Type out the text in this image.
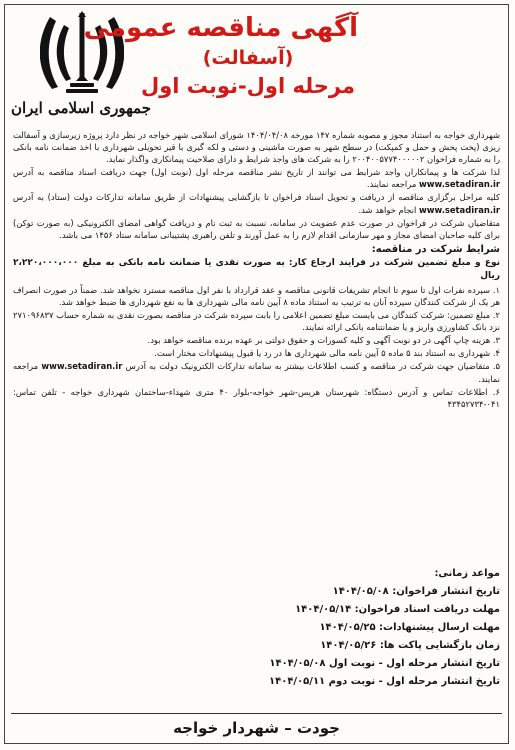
جمهوری اسلامی ایران
آگهی مناقصه عمومی
(آسفالت)
مرحله اول-نوبت اول

شهرداری خواجه به استناد مجوز و مصوبه شماره ۱۴۷ مورخه ۱۴۰۴/۰۴/۰۸ شورای اسلامی شهر خواجه در نظر دارد پروژه زیرسازی و آسفالت ریزی (پخت پخش و حمل و کمپکت) در سطح شهر به صورت ماشینی و دستی و لکه گیری با قیر تحویلی شهرداری با اخذ ضمانت نامه بانکی را به شماره فراخوان ۲۰۰۴۰۰۵۷۷۴۰۰۰۰۰۲ را به شرکت های واجد شرایط و دارای صلاحیت پیمانکاری واگذار نماید.

لذا شرکت ها و پیمانکاران واجد شرایط می توانند از تاریخ نشر مناقصه مرحله اول (نوبت اول) جهت دریافت اسناد مناقصه به آدرس www.setadiran.ir مراجعه نمایند.

کلیه مراحل برگزاری مناقصه از دریافت و تحویل اسناد فراخوان تا بازگشایی پیشنهادات از طریق سامانه تدارکات دولت (ستاد) به آدرس www.setadiran.ir انجام خواهد شد.

متقاضیان شرکت در فراخوان در صورت عدم عضویت در سامانه، نسبت به ثبت نام و دریافت گواهی امضای الکترونیکی (به صورت توکن) برای کلیه صاحبان امضای مجاز و مهر سازمانی اقدام لازم را به عمل آورند و تلفن راهبری پشتیبانی سامانه ستاد ۱۴۵۶ می باشد.

شرایط شرکت در مناقصه:

نوع و مبلغ تضمین شرکت در فرایند ارجاع کار: به صورت نقدی یا ضمانت نامه بانکی به مبلغ ۲،۲۲۰،۰۰۰،۰۰۰ ریال

۱. سپرده نفرات اول تا سوم تا انجام تشریفات قانونی مناقصه و عقد قرارداد با نفر اول مناقصه مسترد نخواهد شد. ضمناً در صورت انصراف هر یک از شرکت کنندگان سپرده آنان به ترتیب به استناد ماده ۸ آیین نامه مالی شهرداری ها به نفع شهرداری ها ضبط خواهد شد.

۲. مبلغ تضمین: شرکت کنندگان می بایست مبلغ تضمین اعلامی را بابت سپرده شرکت در مناقصه بصورت نقدی به شماره حساب ۲۷۱۰۹۶۸۳۷ نزد بانک کشاورزی واریز و یا ضمانتنامه بانکی ارائه نمایند.

۳. هزینه چاپ آگهی در دو نوبت آگهی و کلیه کسورات و حقوق دولتی بر عهده برنده مناقصه خواهد بود.

۴. شهرداری به استناد بند ۵ ماده ۵ آیین نامه مالی شهرداری ها در رد یا قبول پیشنهادات مختار است.

۵. متقاضیان جهت شرکت در مناقصه و کسب اطلاعات بیشتر به سامانه تدارکات الکترونیک دولت به آدرس www.setadiran.ir مراجعه نمایند.

۶. اطلاعات تماس و آدرس دستگاه: شهرستان هریس-شهر خواجه-بلوار ۴۰ متری شهداء-ساختمان شهرداری خواجه - تلفن تماس: ۰۴۱-۴۳۴۵۲۷۳۴

مواعد زمانی:
تاریخ انتشار فراخوان: ۱۴۰۴/۰۵/۰۸
مهلت دریافت اسناد فراخوان: ۱۴۰۴/۰۵/۱۴
مهلت ارسال پیشنهادات: ۱۴۰۴/۰۵/۲۵
زمان بازگشایی پاکت ها: ۱۴۰۴/۰۵/۲۶
تاریخ انتشار مرحله اول - نوبت اول ۱۴۰۴/۰۵/۰۸
تاریخ انتشار مرحله اول - نوبت دوم ۱۴۰۴/۰۵/۱۱
جودت – شهردار خواجه
